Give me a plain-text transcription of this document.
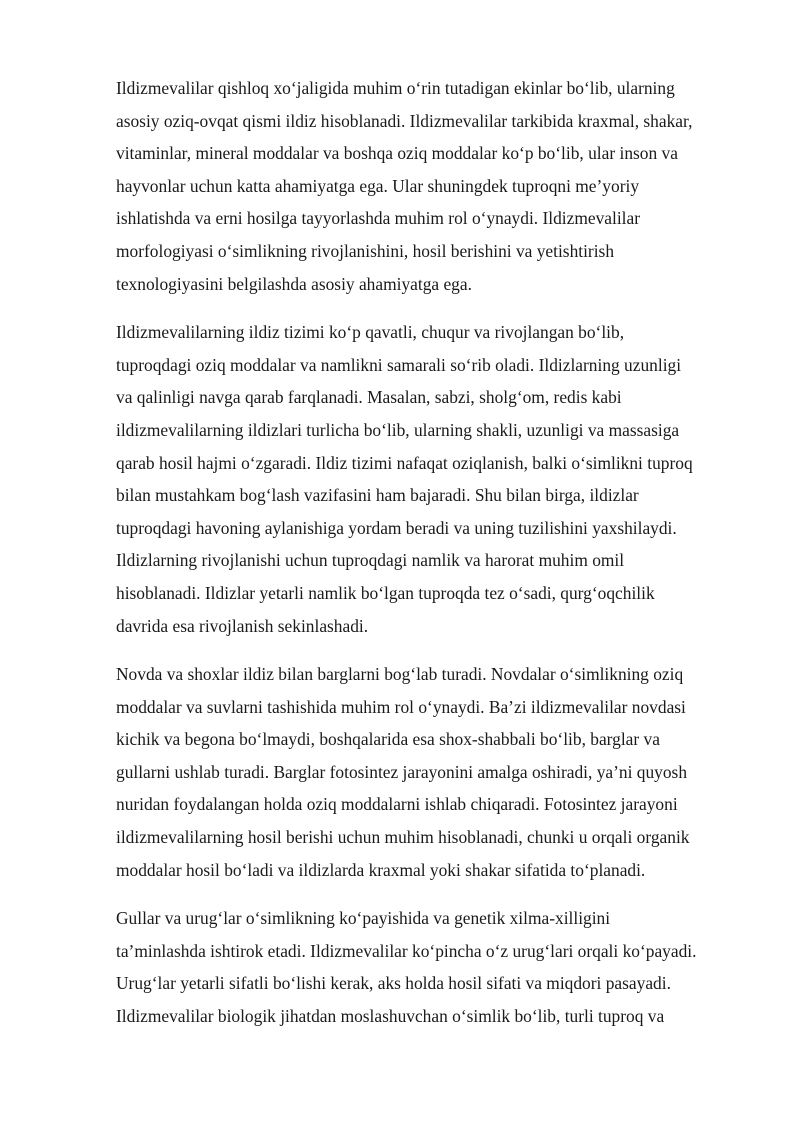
Ildizmevalilar qishloq xo‘jaligida muhim o‘rin tutadigan ekinlar bo‘lib, ularning
asosiy oziq-ovqat qismi ildiz hisoblanadi. Ildizmevalilar tarkibida kraxmal, shakar,
vitaminlar, mineral moddalar va boshqa oziq moddalar ko‘p bo‘lib, ular inson va
hayvonlar uchun katta ahamiyatga ega. Ular shuningdek tuproqni me’yoriy
ishlatishda va erni hosilga tayyorlashda muhim rol o‘ynaydi. Ildizmevalilar
morfologiyasi o‘simlikning rivojlanishini, hosil berishini va yetishtirish
texnologiyasini belgilashda asosiy ahamiyatga ega.

Ildizmevalilarning ildiz tizimi ko‘p qavatli, chuqur va rivojlangan bo‘lib,
tuproqdagi oziq moddalar va namlikni samarali so‘rib oladi. Ildizlarning uzunligi
va qalinligi navga qarab farqlanadi. Masalan, sabzi, sholg‘om, redis kabi
ildizmevalilarning ildizlari turlicha bo‘lib, ularning shakli, uzunligi va massasiga
qarab hosil hajmi o‘zgaradi. Ildiz tizimi nafaqat oziqlanish, balki o‘simlikni tuproq
bilan mustahkam bog‘lash vazifasini ham bajaradi. Shu bilan birga, ildizlar
tuproqdagi havoning aylanishiga yordam beradi va uning tuzilishini yaxshilaydi.
Ildizlarning rivojlanishi uchun tuproqdagi namlik va harorat muhim omil
hisoblanadi. Ildizlar yetarli namlik bo‘lgan tuproqda tez o‘sadi, qurg‘oqchilik
davrida esa rivojlanish sekinlashadi.

Novda va shoxlar ildiz bilan barglarni bog‘lab turadi. Novdalar o‘simlikning oziq
moddalar va suvlarni tashishida muhim rol o‘ynaydi. Ba’zi ildizmevalilar novdasi
kichik va begona bo‘lmaydi, boshqalarida esa shox-shabbali bo‘lib, barglar va
gullarni ushlab turadi. Barglar fotosintez jarayonini amalga oshiradi, ya’ni quyosh
nuridan foydalangan holda oziq moddalarni ishlab chiqaradi. Fotosintez jarayoni
ildizmevalilarning hosil berishi uchun muhim hisoblanadi, chunki u orqali organik
moddalar hosil bo‘ladi va ildizlarda kraxmal yoki shakar sifatida to‘planadi.

Gullar va urug‘lar o‘simlikning ko‘payishida va genetik xilma-xilligini
ta’minlashda ishtirok etadi. Ildizmevalilar ko‘pincha o‘z urug‘lari orqali ko‘payadi.
Urug‘lar yetarli sifatli bo‘lishi kerak, aks holda hosil sifati va miqdori pasayadi.
Ildizmevalilar biologik jihatdan moslashuvchan o‘simlik bo‘lib, turli tuproq va
